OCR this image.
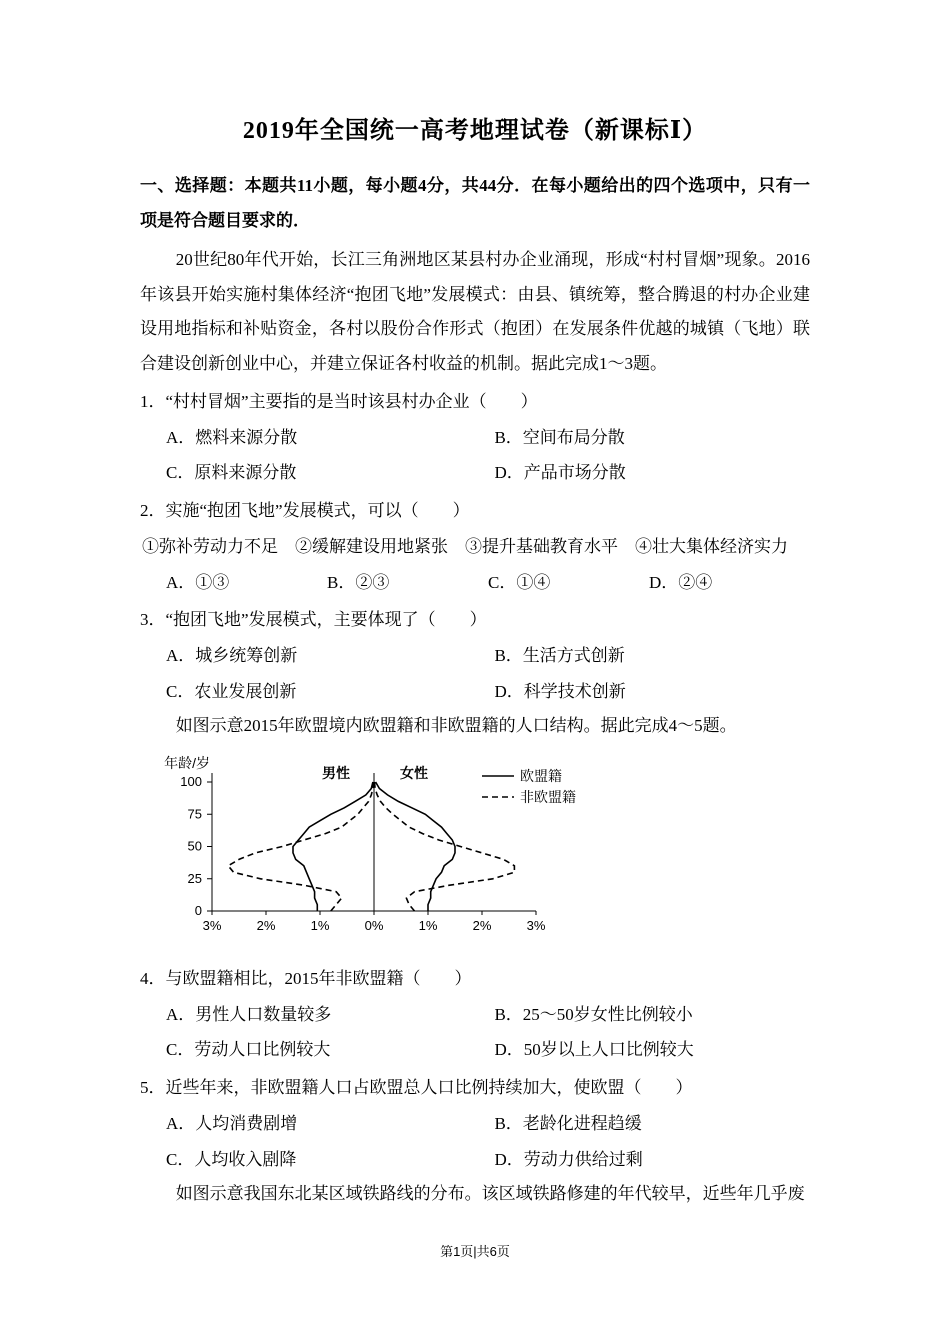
2019年全国统一高考地理试卷（新课标Ⅰ）

一、选择题：本题共11小题，每小题4分，共44分．在每小题给出的四个选项中，只有一项是符合题目要求的．

20世纪80年代开始，长江三角洲地区某县村办企业涌现，形成“村村冒烟”现象。2016年该县开始实施村集体经济“抱团飞地”发展模式：由县、镇统筹，整合腾退的村办企业建设用地指标和补贴资金，各村以股份合作形式（抱团）在发展条件优越的城镇（飞地）联合建设创新创业中心，并建立保证各村收益的机制。据此完成1～3题。

1．“村村冒烟”主要指的是当时该县村办企业（　　）

A．燃料来源分散	B．空间布局分散
C．原料来源分散	D．产品市场分散

2．实施“抱团飞地”发展模式，可以（　　）

①弥补劳动力不足　②缓解建设用地紧张　③提升基础教育水平　④壮大集体经济实力

A．①③	B．②③	C．①④	D．②④

3．“抱团飞地”发展模式，主要体现了（　　）

A．城乡统筹创新	B．生活方式创新
C．农业发展创新	D．科学技术创新

如图示意2015年欧盟境内欧盟籍和非欧盟籍的人口结构。据此完成4～5题。

0
25
50
75
100
3%	2%	1%	0%	1%	2%	3%
年龄/岁
男性	女性	欧盟籍
非欧盟籍

4．与欧盟籍相比，2015年非欧盟籍（　　）

A．男性人口数量较多	B．25～50岁女性比例较小
C．劳动人口比例较大	D．50岁以上人口比例较大

5．近些年来，非欧盟籍人口占欧盟总人口比例持续加大，使欧盟（　　）

A．人均消费剧增	B．老龄化进程趋缓
C．人均收入剧降	D．劳动力供给过剩

如图示意我国东北某区域铁路线的分布。该区域铁路修建的年代较早，近些年几乎废

第1页|共6页
